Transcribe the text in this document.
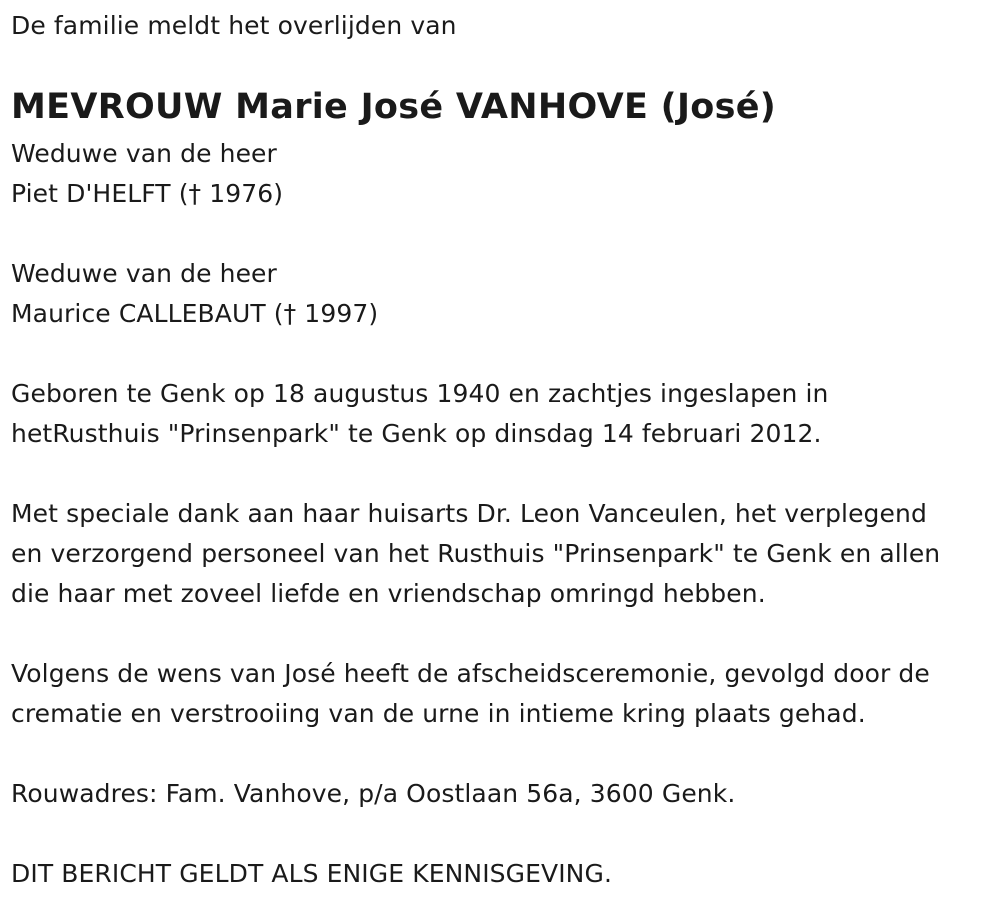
De familie meldt het overlijden van
MEVROUW Marie José VANHOVE (José)
Weduwe van de heer
Piet D'HELFT († 1976)
Weduwe van de heer
Maurice CALLEBAUT († 1997)
Geboren te Genk op 18 augustus 1940 en zachtjes ingeslapen in
hetRusthuis "Prinsenpark" te Genk op dinsdag 14 februari 2012.
Met speciale dank aan haar huisarts Dr. Leon Vanceulen, het verplegend
en verzorgend personeel van het Rusthuis "Prinsenpark" te Genk en allen
die haar met zoveel liefde en vriendschap omringd hebben.
Volgens de wens van José heeft de afscheidsceremonie, gevolgd door de
crematie en verstrooiing van de urne in intieme kring plaats gehad.
Rouwadres: Fam. Vanhove, p/a Oostlaan 56a, 3600 Genk.
DIT BERICHT GELDT ALS ENIGE KENNISGEVING.
